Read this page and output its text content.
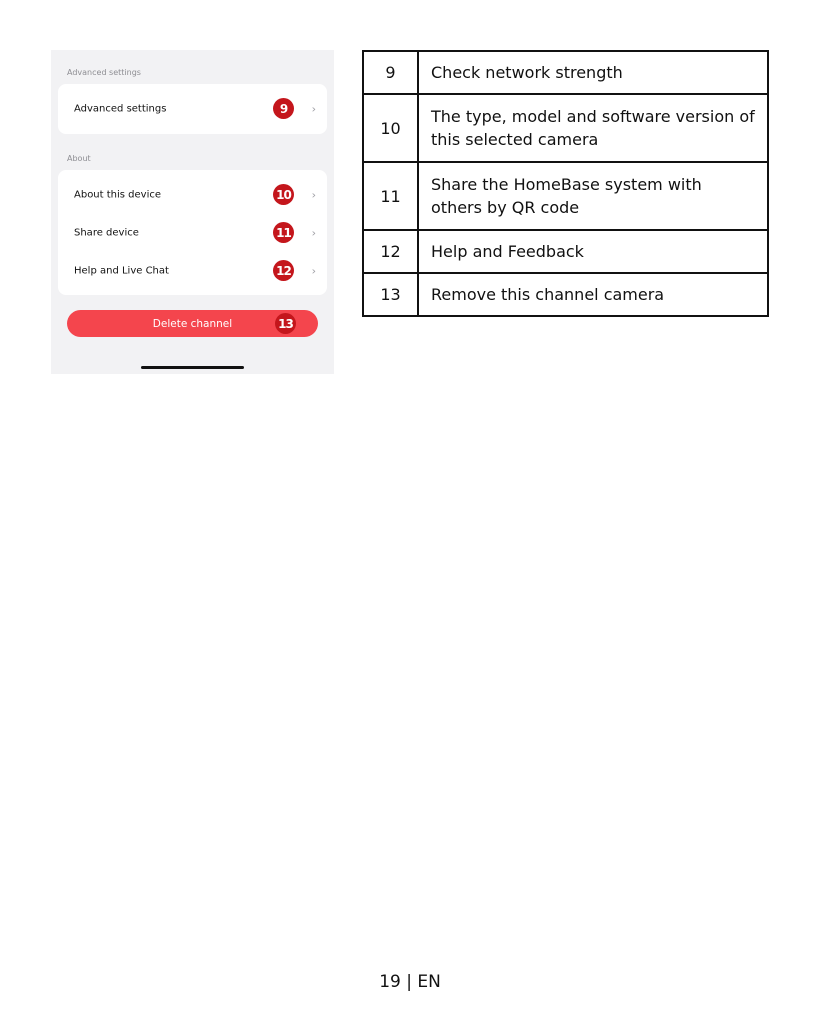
Advanced settings
Advanced settings	9	›
About
About this device	10 ›
Share device	11 ›
Help and Live Chat	12 ›
Delete channel	13
9	Check network strength
10	The type, model and software version of this selected camera
11	Share the HomeBase system with others by QR code
12	Help and Feedback
13	Remove this channel camera
19 | EN
